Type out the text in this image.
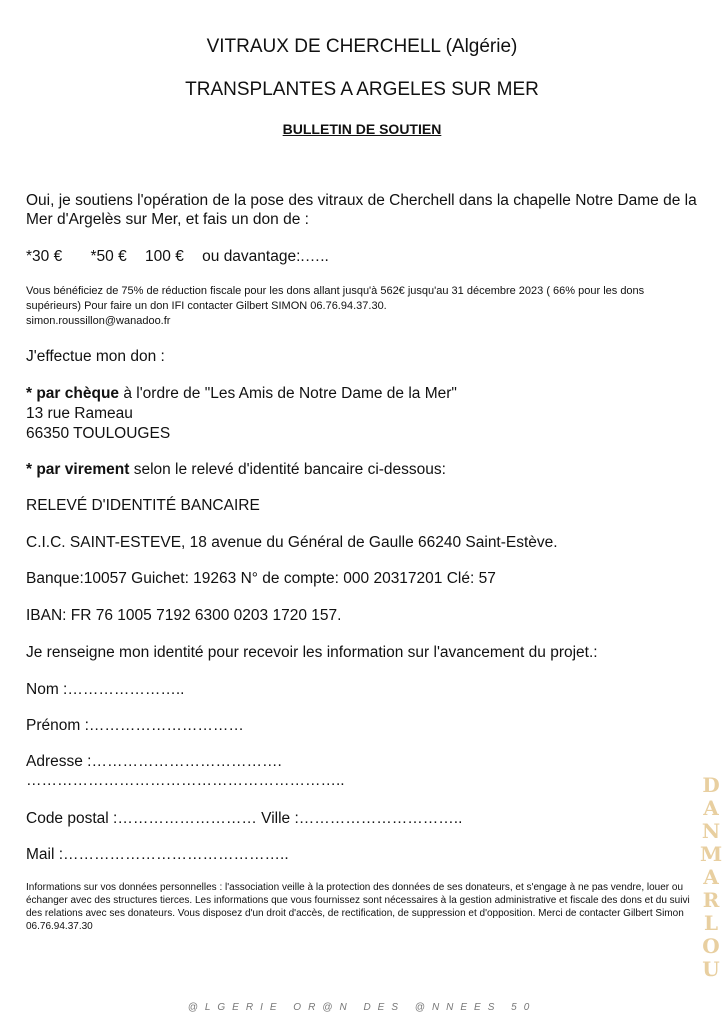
VITRAUX DE CHERCHELL (Algérie)
TRANSPLANTES A ARGELES SUR MER
BULLETIN DE SOUTIEN
Oui, je soutiens l'opération de la pose des vitraux de Cherchell dans la chapelle Notre Dame de la Mer d'Argelès sur Mer, et fais un don de :
*30 € *50 € 100 € ou davantage:.…..
Vous bénéficiez de 75% de réduction fiscale pour les dons allant jusqu'à 562€ jusqu'au 31 décembre 2023 ( 66% pour les dons supérieurs) Pour faire un don IFI contacter Gilbert SIMON 06.76.94.37.30.
simon.roussillon@wanadoo.fr
J'effectue mon don :
* par chèque à l'ordre de "Les Amis de Notre Dame de la Mer"
13 rue Rameau
66350 TOULOUGES
* par virement selon le relevé d'identité bancaire ci-dessous:
RELEVÉ D'IDENTITÉ BANCAIRE
C.I.C. SAINT-ESTEVE, 18 avenue du Général de Gaulle 66240 Saint-Estève.
Banque:10057 Guichet: 19263 N° de compte: 000 20317201 Clé: 57
IBAN: FR 76 1005 7192 6300 0203 1720 157.
Je renseigne mon identité pour recevoir les information sur l'avancement du projet.:
Nom :…………………..
Prénom :…………………………
Adresse :……………………………….
……………………………………………………..
Code postal :……………………… Ville :…………………………..
Mail :……………………………………..
Informations sur vos données personnelles : l'association veille à la protection des données de ses donateurs, et s'engage à ne pas vendre, louer ou échanger avec des structures tierces. Les informations que vous fournissez sont nécessaires à la gestion administrative et fiscale des dons et du suivi des relations avec ses donateurs. Vous disposez d'un droit d'accès, de rectification, de suppression et d'opposition. Merci de contacter Gilbert Simon 06.76.94.37.30
D
A
N
M
A
R
L
O
U
@LGERIE OR@N DES @NNEES 50
